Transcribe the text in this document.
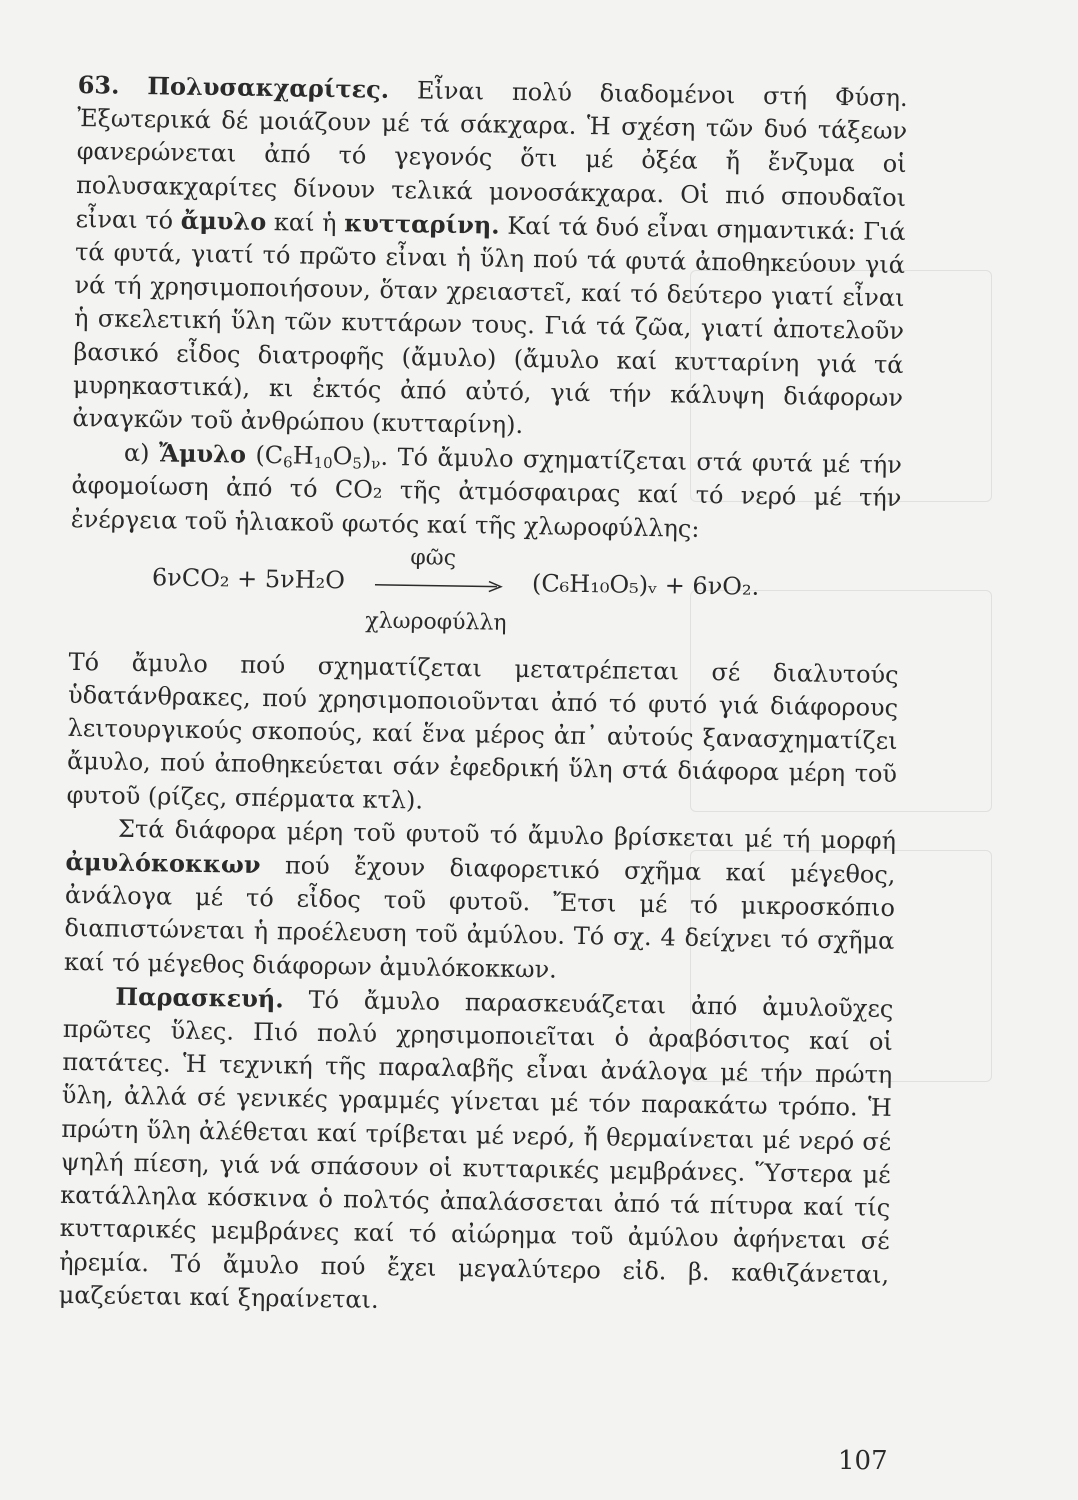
63. Πολυσακχαρίτες. Εἶναι πολύ διαδομένοι στή Φύση. Ἐξωτερικά δέ μοιάζουν μέ τά σάκχαρα. Ἡ σχέση τῶν δυό τάξεων φανερώνεται ἀπό τό γεγονός ὅτι μέ ὀξέα ἤ ἔνζυμα οἱ πολυσακχαρίτες δίνουν τελικά μονοσάκχαρα. Οἱ πιό σπουδαῖοι εἶναι τό ἄμυλο καί ἡ κυτταρίνη. Καί τά δυό εἶναι σημαντικά: Γιά τά φυτά, γιατί τό πρῶτο εἶναι ἡ ὕλη πού τά φυτά ἀποθηκεύουν γιά νά τή χρησιμοποιήσουν, ὅταν χρειαστεῖ, καί τό δεύτερο γιατί εἶναι ἡ σκελετική ὕλη τῶν κυττάρων τους. Γιά τά ζῶα, γιατί ἀποτελοῦν βασικό εἶδος διατροφῆς (ἄμυλο) (ἄμυλο καί κυτταρίνη γιά τά μυρηκαστικά), κι ἐκτός ἀπό αὐτό, γιά τήν κάλυψη διάφορων ἀναγκῶν τοῦ ἀνθρώπου (κυτταρίνη).

α) Ἄμυλο $(C_6H_{10}O_5)_\nu$. Τό ἄμυλο σχηματίζεται στά φυτά μέ τήν ἀφομοίωση ἀπό τό CO₂ τῆς ἀτμόσφαιρας καί τό νερό μέ τήν ἐνέργεια τοῦ ἡλιακοῦ φωτός καί τῆς χλωροφύλλης:

6νCO₂ + 5νH₂O
φῶς
χλωροφύλλη
(C₆H₁₀O₅)ᵥ + 6νO₂.

Τό ἄμυλο πού σχηματίζεται μετατρέπεται σέ διαλυτούς ὑδατάνθρακες, πού χρησιμοποιοῦνται ἀπό τό φυτό γιά διάφορους λειτουργικούς σκοπούς, καί ἕνα μέρος ἀπ᾽ αὐτούς ξανασχηματίζει ἄμυλο, πού ἀποθηκεύεται σάν ἐφεδρική ὕλη στά διάφορα μέρη τοῦ φυτοῦ (ρίζες, σπέρματα κτλ).

Στά διάφορα μέρη τοῦ φυτοῦ τό ἄμυλο βρίσκεται μέ τή μορφή ἀμυλόκοκκων πού ἔχουν διαφορετικό σχῆμα καί μέγεθος, ἀνάλογα μέ τό εἶδος τοῦ φυτοῦ. Ἔτσι μέ τό μικροσκόπιο διαπιστώνεται ἡ προέλευση τοῦ ἀμύλου. Τό σχ. 4 δείχνει τό σχῆμα καί τό μέγεθος διάφορων ἀμυλόκοκκων.

Παρασκευή. Τό ἄμυλο παρασκευάζεται ἀπό ἀμυλοῦχες πρῶτες ὕλες. Πιό πολύ χρησιμοποιεῖται ὁ ἀραβόσιτος καί οἱ πατάτες. Ἡ τεχνική τῆς παραλαβῆς εἶναι ἀνάλογα μέ τήν πρώτη ὕλη, ἀλλά σέ γενικές γραμμές γίνεται μέ τόν παρακάτω τρόπο. Ἡ πρώτη ὕλη ἀλέθεται καί τρίβεται μέ νερό, ἤ θερμαίνεται μέ νερό σέ ψηλή πίεση, γιά νά σπάσουν οἱ κυτταρικές μεμβράνες. Ὕστερα μέ κατάλληλα κόσκινα ὁ πολτός ἀπαλάσσεται ἀπό τά πίτυρα καί τίς κυτταρικές μεμβράνες καί τό αἰώρημα τοῦ ἀμύλου ἀφήνεται σέ ἠρεμία. Τό ἄμυλο πού ἔχει μεγαλύτερο εἰδ. β. καθιζάνεται, μαζεύεται καί ξηραίνεται.

107
